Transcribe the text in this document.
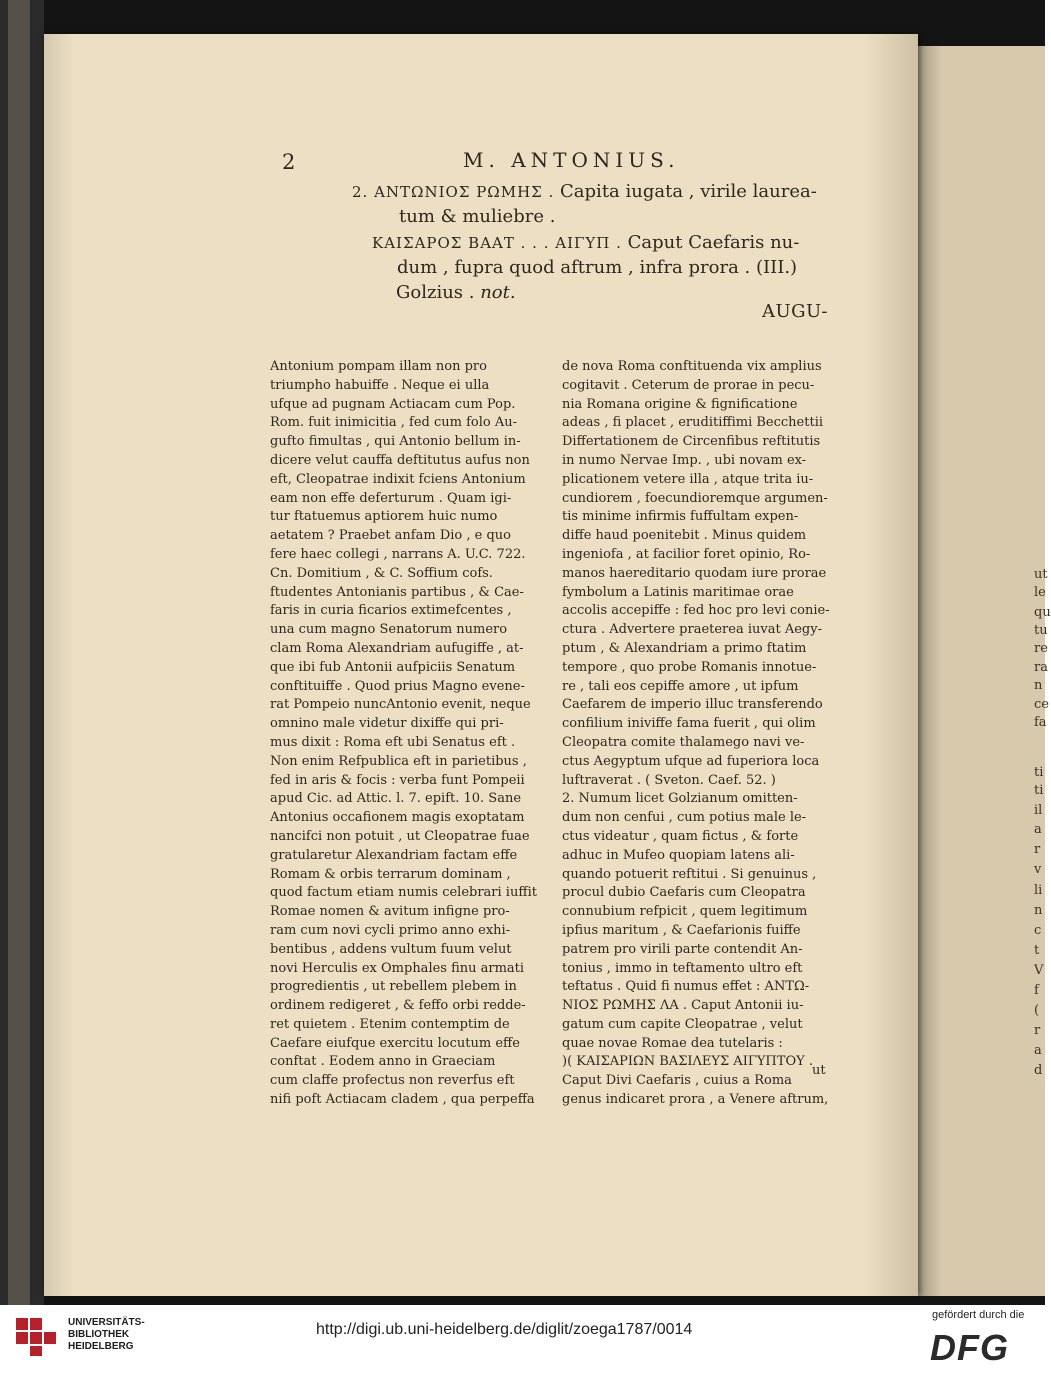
2	M. ANTONIUS.
2. ΑΝΤΩΝΙΟΣ ΡΩΜΗΣ . Capita iugata , virile laurea-
tum & muliebre .
ΚΑΙΣΑΡΟΣ ΒΑΑΤ . . . ΑΙΓΥΠ . Caput Caefaris nu-
dum , fupra quod aftrum , infra prora . (III.)
Golzius . not.
AUGU-
Antonium pompam illam non pro
triumpho habuiffe . Neque ei ulla
ufque ad pugnam Actiacam cum Pop.
Rom. fuit inimicitia , fed cum folo Au-
gufto fimultas , qui Antonio bellum in-
dicere velut cauffa deftitutus aufus non
eft, Cleopatrae indixit fciens Antonium
eam non effe deferturum . Quam igi-
tur ftatuemus aptiorem huic numo
aetatem ? Praebet anfam Dio , e quo
fere haec collegi , narrans A. U.C. 722.
Cn. Domitium , & C. Soffium cofs.
ftudentes Antonianis partibus , & Cae-
faris in curia ficarios extimefcentes ,
una cum magno Senatorum numero
clam Roma Alexandriam aufugiffe , at-
que ibi fub Antonii aufpiciis Senatum
conftituiffe . Quod prius Magno evene-
rat Pompeio nuncAntonio evenit, neque
omnino male videtur dixiffe qui pri-
mus dixit : Roma eft ubi Senatus eft .
Non enim Refpublica eft in parietibus ,
fed in aris & focis : verba funt Pompeii
apud Cic. ad Attic. l. 7. epift. 10. Sane
Antonius occafionem magis exoptatam
nancifci non potuit , ut Cleopatrae fuae
gratularetur Alexandriam factam effe
Romam & orbis terrarum dominam ,
quod factum etiam numis celebrari iuffit
Romae nomen & avitum infigne pro-
ram cum novi cycli primo anno exhi-
bentibus , addens vultum fuum velut
novi Herculis ex Omphales finu armati
progredientis , ut rebellem plebem in
ordinem redigeret , & feffo orbi redde-
ret quietem . Etenim contemptim de
Caefare eiufque exercitu locutum effe
conftat . Eodem anno in Graeciam
cum claffe profectus non reverfus eft
nifi poft Actiacam cladem , qua perpeffa
de nova Roma conftituenda vix amplius
cogitavit . Ceterum de prorae in pecu-
nia Romana origine & fignificatione
adeas , fi placet , eruditiffimi Becchettii
Differtationem de Circenfibus reftitutis
in numo Nervae Imp. , ubi novam ex-
plicationem vetere illa , atque trita iu-
cundiorem , foecundioremque argumen-
tis minime infirmis fuffultam expen-
diffe haud poenitebit . Minus quidem
ingeniofa , at facilior foret opinio, Ro-
manos haereditario quodam iure prorae
fymbolum a Latinis maritimae orae
accolis accepiffe : fed hoc pro levi conie-
ctura . Advertere praeterea iuvat Aegy-
ptum , & Alexandriam a primo ftatim
tempore , quo probe Romanis innotue-
re , tali eos cepiffe amore , ut ipfum
Caefarem de imperio illuc transferendo
confilium iniviffe fama fuerit , qui olim
Cleopatra comite thalamego navi ve-
ctus Aegyptum ufque ad fuperiora loca
luftraverat . ( Sveton. Caef. 52. )
2. Numum licet Golzianum omitten-
dum non cenfui , cum potius male le-
ctus videatur , quam fictus , & forte
adhuc in Mufeo quopiam latens ali-
quando potuerit reftitui . Si genuinus ,
procul dubio Caefaris cum Cleopatra
connubium refpicit , quem legitimum
ipfius maritum , & Caefarionis fuiffe
patrem pro virili parte contendit An-
tonius , immo in teftamento ultro eft
teftatus . Quid fi numus effet : ΑΝΤΩ-
ΝΙΟΣ ΡΩΜΗΣ ΛΑ . Caput Antonii iu-
gatum cum capite Cleopatrae , velut
quae novae Romae dea tutelaris :
)( ΚΑΙΣΑΡΙΩΝ ΒΑΣΙΛΕΥΣ ΑΙΓΥΠΤΟΥ .
Caput Divi Caefaris , cuius a Roma
genus indicaret prora , a Venere aftrum,
ut
ut
le
qu
tu
re
ra
n
ce
fa
ti
ti
il
a
r
v
li
n
c
t
V
f
(
r
a
d
UNIVERSITÄTS-
BIBLIOTHEK
HEIDELBERG
http://digi.ub.uni-heidelberg.de/diglit/zoega1787/0014
gefördert durch die
DFG
